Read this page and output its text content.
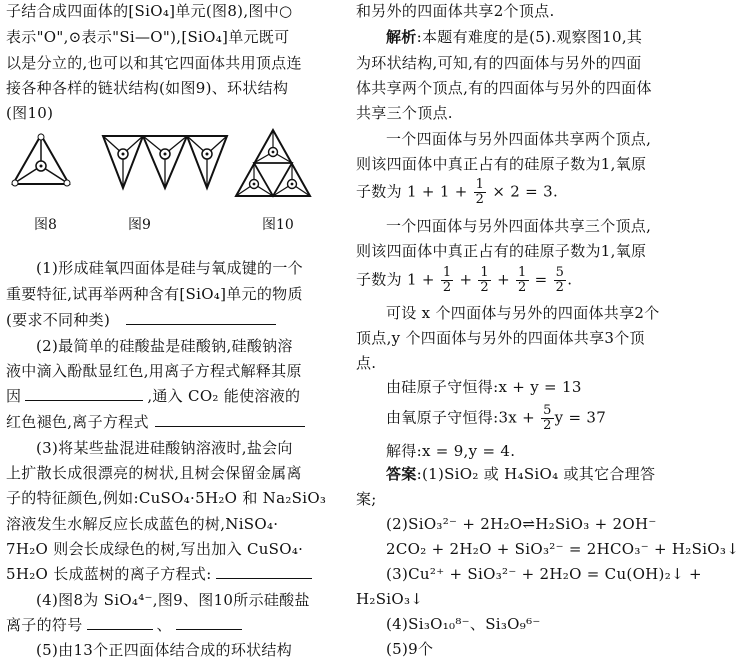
子结合成四面体的[SiO₄]单元(图8),图中○
表示"O",⊙表示"Si—O"),[SiO₄]单元既可
以是分立的,也可以和其它四面体共用顶点连
接各种各样的链状结构(如图9)、环状结构
(图10)
图8	图9	图10
(1)形成硅氧四面体是硅与氧成键的一个
重要特征,试再举两种含有[SiO₄]单元的物质
(要求不同种类)
(2)最简单的硅酸盐是硅酸钠,硅酸钠溶
液中滴入酚酞显红色,用离子方程式解释其原
因	,通入 CO₂ 能使溶液的
红色褪色,离子方程式
(3)将某些盐混进硅酸钠溶液时,盐会向
上扩散长成很漂亮的树状,且树会保留金属离
子的特征颜色,例如:CuSO₄·5H₂O 和 Na₂SiO₃
溶液发生水解反应长成蓝色的树,NiSO₄·
7H₂O 则会长成绿色的树,写出加入 CuSO₄·
5H₂O 长成蓝树的离子方程式:
(4)图8为 SiO₄⁴⁻,图9、图10所示硅酸盐
离子的符号	、
和另外的四面体共享2个顶点.
解析:本题有难度的是(5).观察图10,其
为环状结构,可知,有的四面体与另外的四面
体共享两个顶点,有的四面体与另外的四面体
共享三个顶点.
一个四面体与另外四面体共享两个顶点,
则该四面体中真正占有的硅原子数为1,氧原
子数为 $1 + 1 + \frac{1}{2} \times 2 = 3$.
一个四面体与另外四面体共享三个顶点,
则该四面体中真正占有的硅原子数为1,氧原
子数为 $1 + \frac{1}{2} + \frac{1}{2} + \frac{1}{2} = \frac{5}{2}$ .
可设 x 个四面体与另外的四面体共享2个
顶点,y 个四面体与另外的四面体共享3个顶
点.
由硅原子守恒得:x + y = 13
由氧原子守恒得:3x + $\frac{5}{2}$ y = 37
解得:x = 9,y = 4.
答案:(1)SiO₂ 或 H₄SiO₄ 或其它合理答
案;
(2)SiO₃²⁻ + 2H₂O⇌H₂SiO₃ + 2OH⁻
2CO₂ + 2H₂O + SiO₃²⁻ = 2HCO₃⁻ + H₂SiO₃↓
(3)Cu²⁺ + SiO₃²⁻ + 2H₂O = Cu(OH)₂↓ +
H₂SiO₃↓
(4)Si₃O₁₀⁸⁻、Si₃O₉⁶⁻
(5)9个
(5)由13个正四面体结合成的环状结构
